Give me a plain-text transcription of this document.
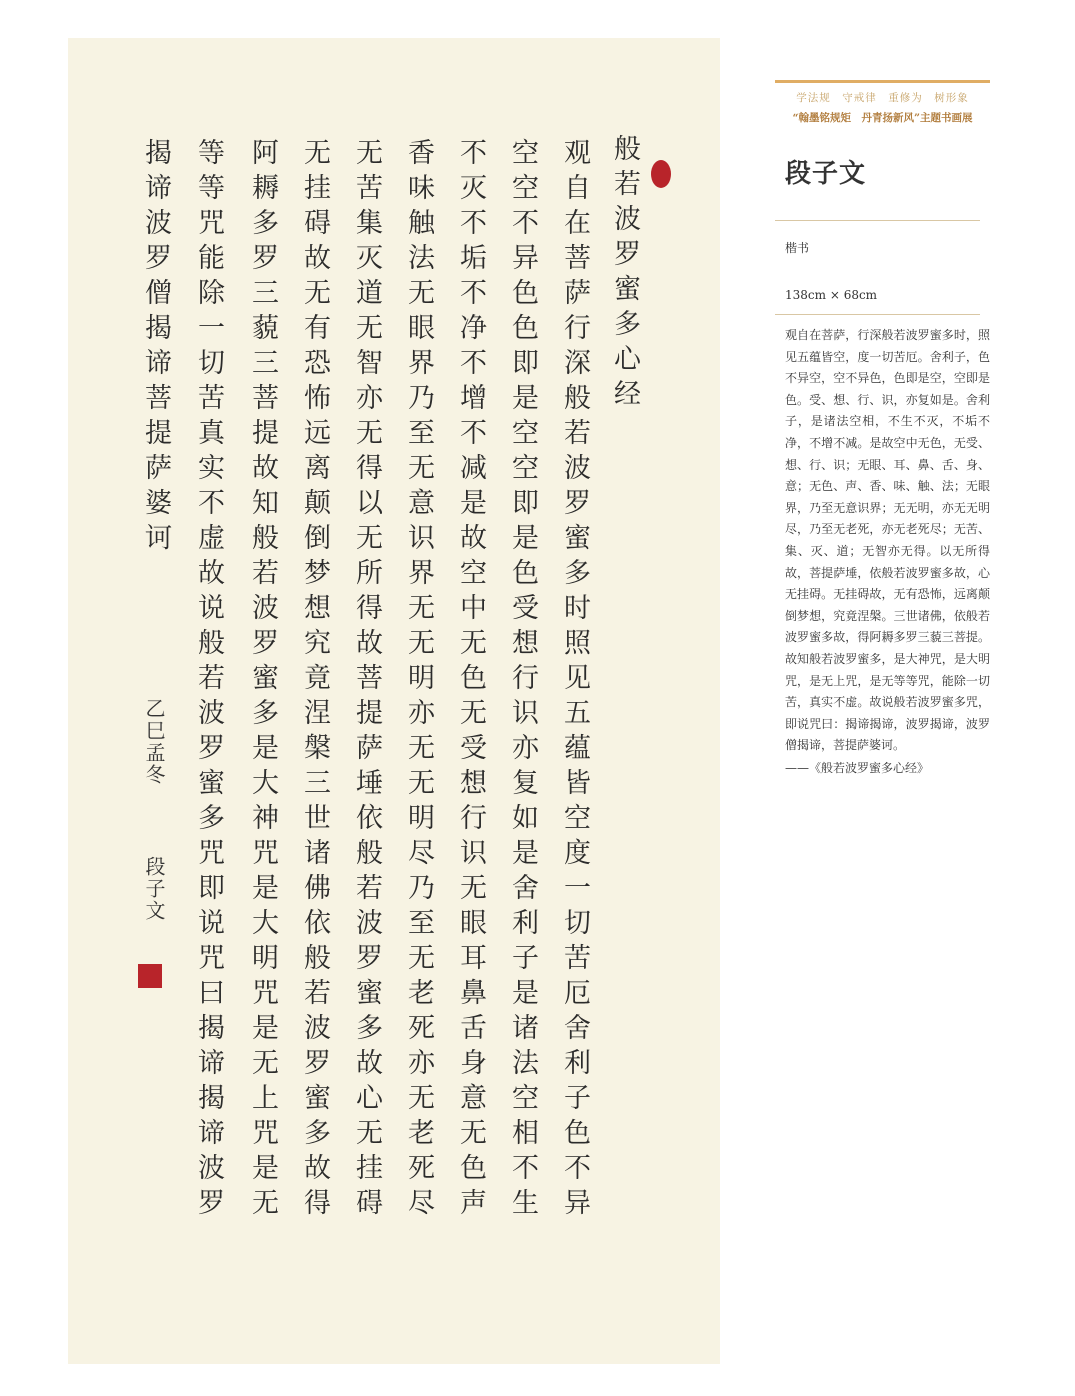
般若波罗蜜多心经
观自在菩萨行深般若波罗蜜多时照见五蕴皆空度一切苦厄舍利子色不异
空空不异色色即是空空即是色受想行识亦复如是舍利子是诸法空相不生
不灭不垢不净不增不减是故空中无色无受想行识无眼耳鼻舌身意无色声
香味触法无眼界乃至无意识界无无明亦无无明尽乃至无老死亦无老死尽
无苦集灭道无智亦无得以无所得故菩提萨埵依般若波罗蜜多故心无挂碍
无挂碍故无有恐怖远离颠倒梦想究竟涅槃三世诸佛依般若波罗蜜多故得
阿耨多罗三藐三菩提故知般若波罗蜜多是大神咒是大明咒是无上咒是无
等等咒能除一切苦真实不虚故说般若波罗蜜多咒即说咒曰揭谛揭谛波罗
揭谛波罗僧揭谛菩提萨婆诃
乙巳孟冬
段子文
学法规　守戒律　重修为　树形象
“翰墨铭规矩　丹青扬新风”主题书画展
段子文
楷书
138cm × 68cm
观自在菩萨，行深般若波罗蜜多时，照见五蕴皆空，度一切苦厄。舍利子，色不异空，空不异色，色即是空，空即是色。受、想、行、识，亦复如是。舍利子，是诸法空相，不生不灭，不垢不净，不增不减。是故空中无色，无受、想、行、识；无眼、耳、鼻、舌、身、意；无色、声、香、味、触、法；无眼界，乃至无意识界；无无明，亦无无明尽，乃至无老死，亦无老死尽；无苦、集、灭、道；无智亦无得。以无所得故，菩提萨埵，依般若波罗蜜多故，心无挂碍。无挂碍故，无有恐怖，远离颠倒梦想，究竟涅槃。三世诸佛，依般若波罗蜜多故，得阿耨多罗三藐三菩提。故知般若波罗蜜多，是大神咒，是大明咒，是无上咒，是无等等咒，能除一切苦，真实不虚。故说般若波罗蜜多咒，即说咒曰：揭谛揭谛，波罗揭谛，波罗僧揭谛，菩提萨婆诃。
——《般若波罗蜜多心经》
